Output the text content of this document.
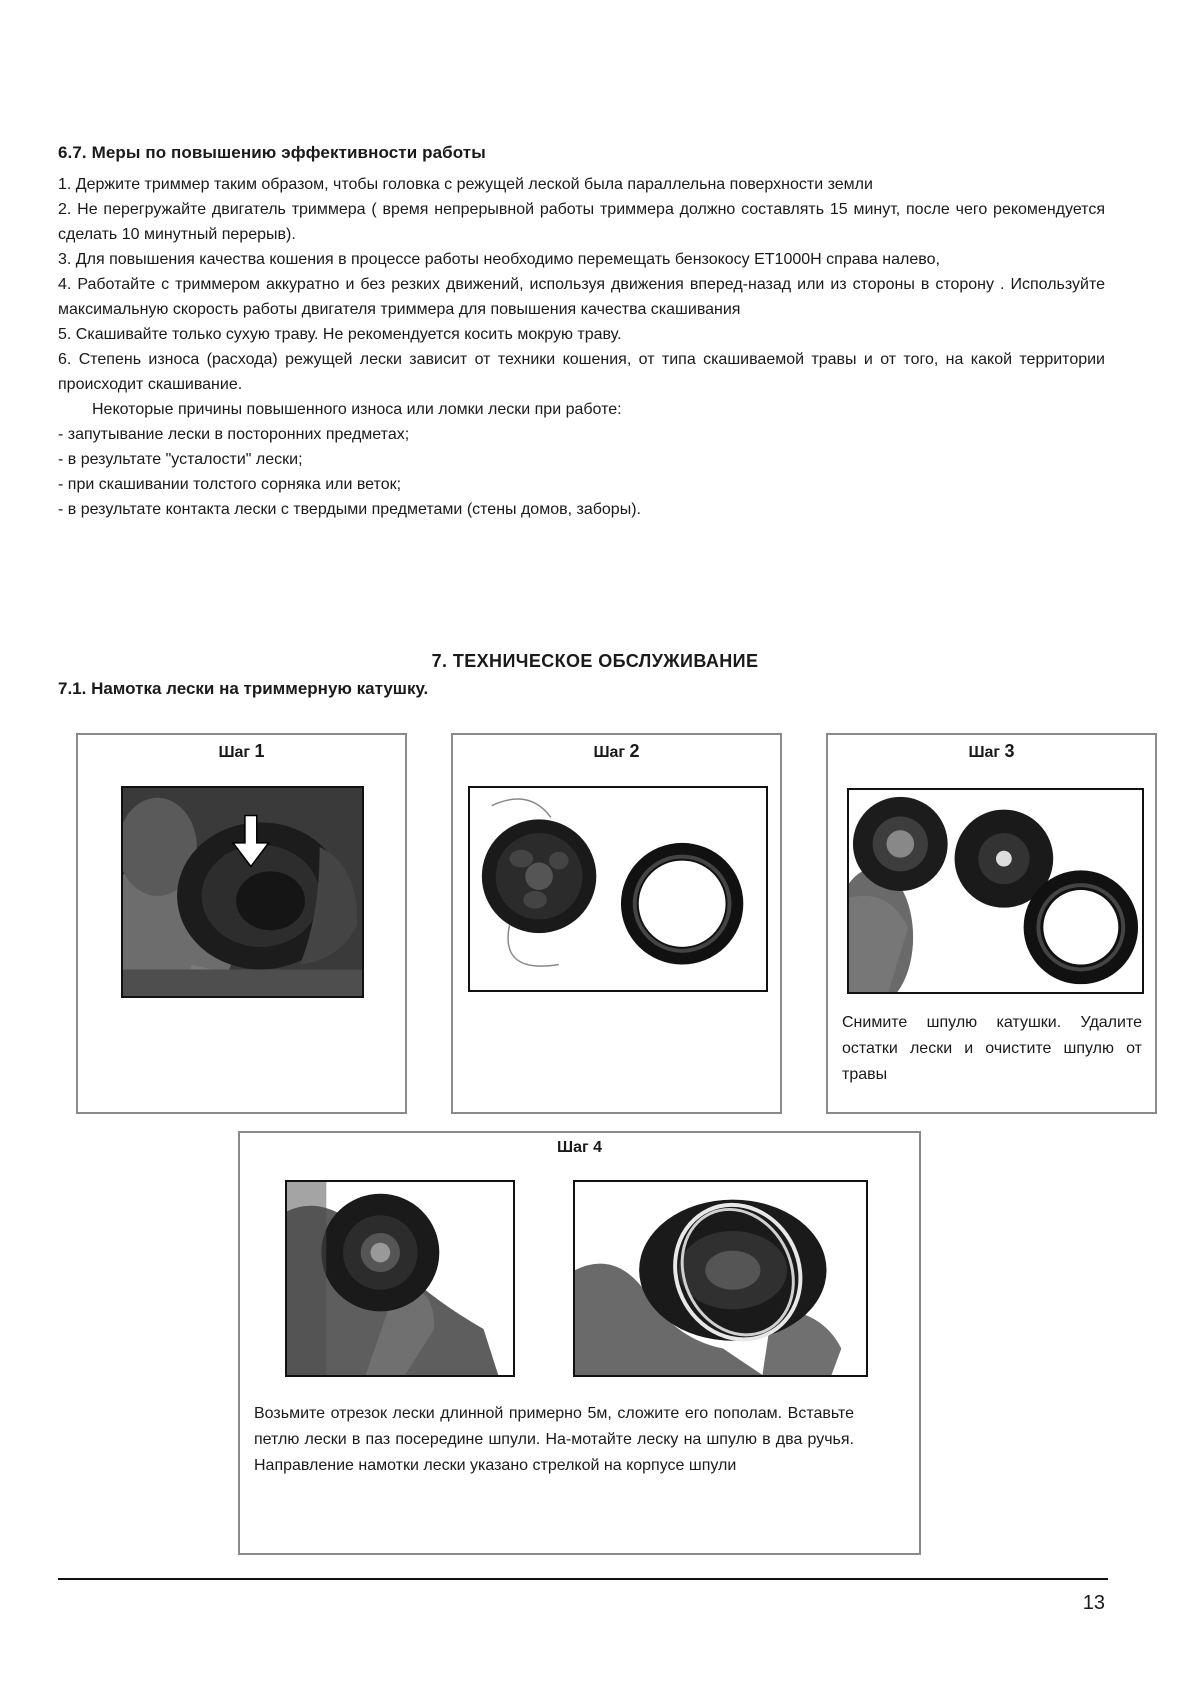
6.7. Меры по повышению эффективности работы

1. Держите триммер таким образом, чтобы головка с режущей леской была параллельна поверхности земли

2. Не перегружайте двигатель триммера ( время непрерывной работы триммера должно составлять 15 минут, после чего рекомендуется сделать 10 минутный перерыв).

3. Для повышения качества кошения в процессе работы необходимо перемещать бензокосу ET1000H справа налево,

4. Работайте с триммером аккуратно и без резких движений, используя движения вперед-назад или из стороны в сторону . Используйте максимальную скорость работы двигателя триммера для повышения качества скашивания

5. Скашивайте только сухую траву. Не рекомендуется косить мокрую траву.

6. Степень износа (расхода) режущей лески зависит от техники кошения, от типа скашиваемой травы и от того, на какой территории происходит скашивание.

Некоторые причины повышенного износа или ломки лески при работе:

- запутывание лески в посторонних предметах;

- в результате "усталости" лески;

- при скашивании толстого сорняка или веток;

- в результате контакта лески с твердыми предметами (стены домов, заборы).

7. ТЕХНИЧЕСКОЕ ОБСЛУЖИВАНИЕ
7.1. Намотка лески на триммерную катушку.
Шаг 1	Шаг 2	Шаг 3
Снимите шпулю катушки. Удалите остатки лески и очистите шпулю от травы
Шаг 4
Возьмите отрезок лески длинной примерно 5м, сложите его пополам. Вставьте петлю лески в паз посередине шпули. На-мотайте леску на шпулю в два ручья. Направление намотки лески указано стрелкой на корпусе шпули
13
